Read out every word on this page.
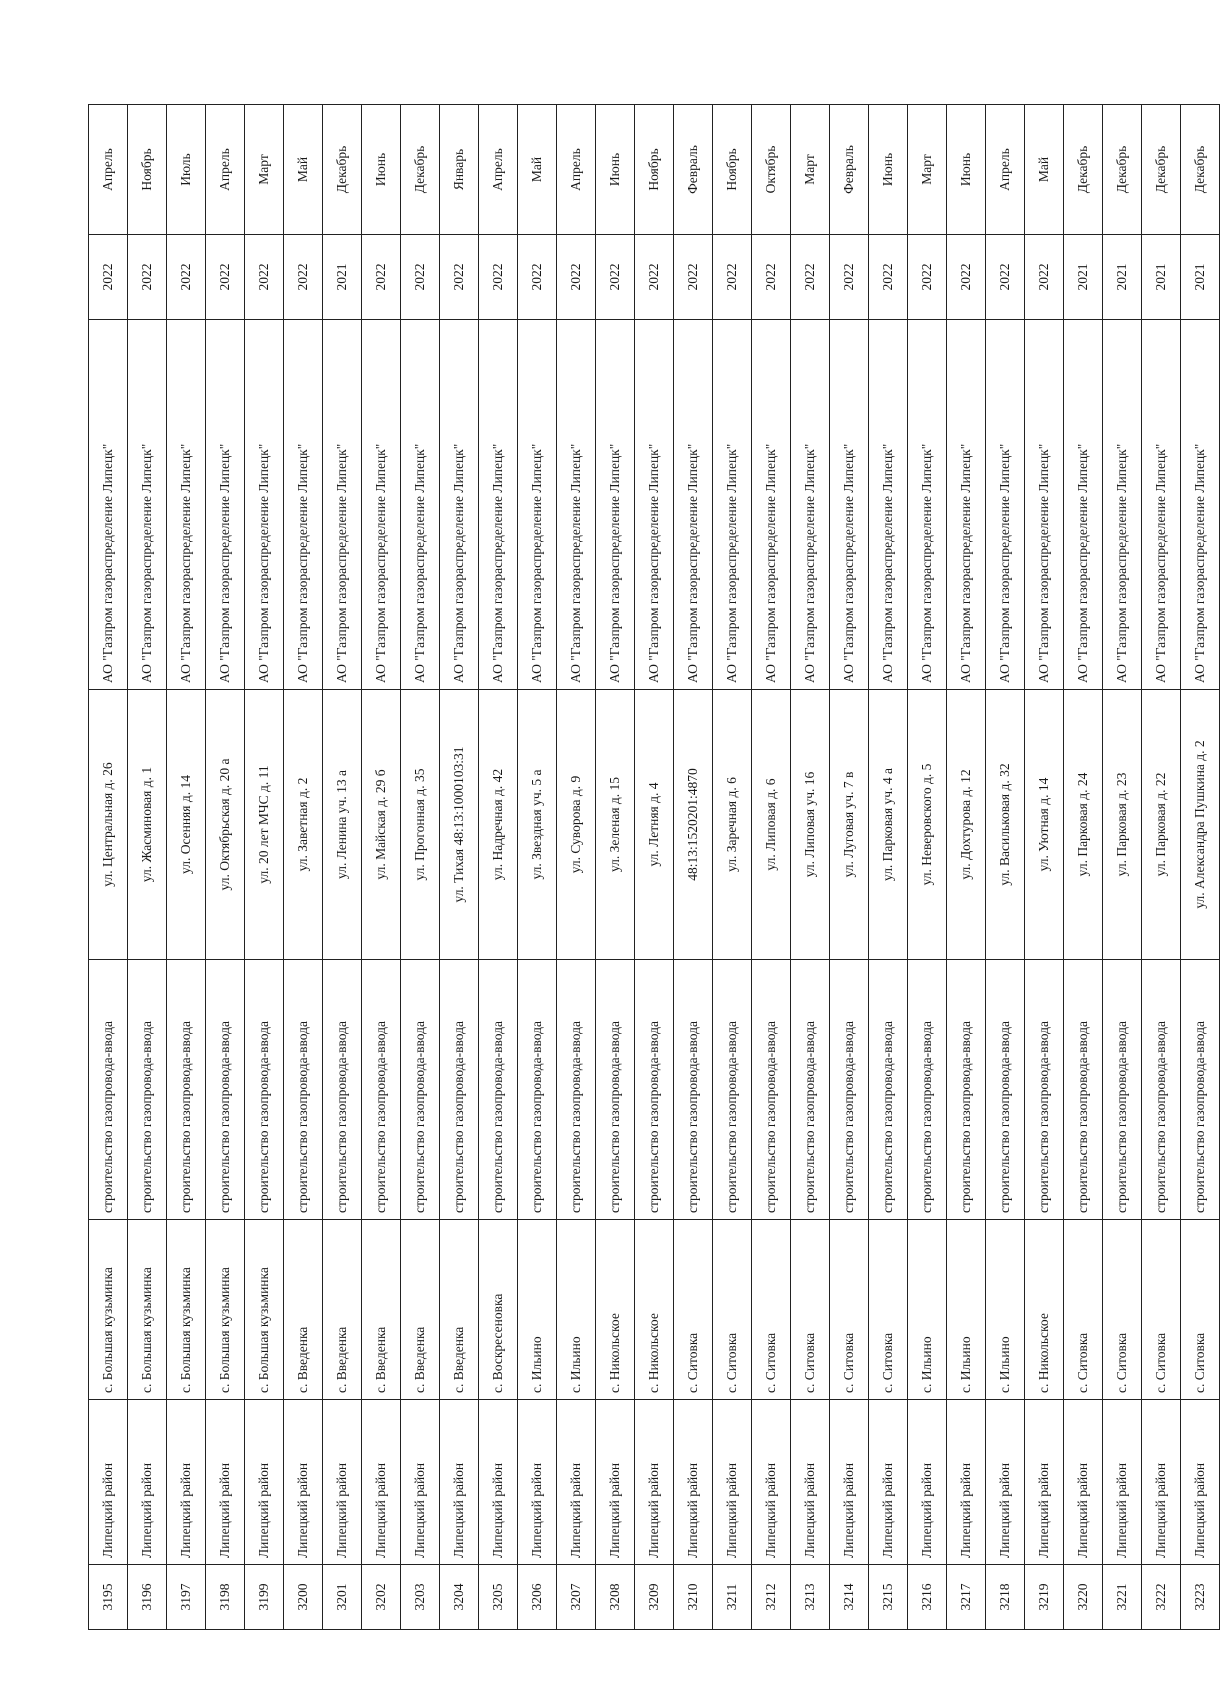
3195	Липецкий район	с. Большая кузьминка	строительство газопровода-ввода	ул. Центральная д. 26	АО "Газпром газораспределение Липецк"	2022	Апрель
3196	Липецкий район	с. Большая кузьминка	строительство газопровода-ввода	ул. Жасминовая д. 1	АО "Газпром газораспределение Липецк"	2022	Ноябрь
3197	Липецкий район	с. Большая кузьминка	строительство газопровода-ввода	ул. Осенняя д. 14	АО "Газпром газораспределение Липецк"	2022	Июль
3198	Липецкий район	с. Большая кузьминка	строительство газопровода-ввода	ул. Октябрьская д. 20 а	АО "Газпром газораспределение Липецк"	2022	Апрель
3199	Липецкий район	с. Большая кузьминка	строительство газопровода-ввода	ул. 20 лет МЧС д. 11	АО "Газпром газораспределение Липецк"	2022	Март
3200	Липецкий район	с. Введенка	строительство газопровода-ввода	ул. Заветная д. 2	АО "Газпром газораспределение Липецк"	2022	Май
3201	Липецкий район	с. Введенка	строительство газопровода-ввода	ул. Ленина уч. 13 а	АО "Газпром газораспределение Липецк"	2021	Декабрь
3202	Липецкий район	с. Введенка	строительство газопровода-ввода	ул. Майская д. 29 б	АО "Газпром газораспределение Липецк"	2022	Июнь
3203	Липецкий район	с. Введенка	строительство газопровода-ввода	ул. Прогонная д. 35	АО "Газпром газораспределение Липецк"	2022	Декабрь
3204	Липецкий район	с. Введенка	строительство газопровода-ввода	ул. Тихая 48:13:1000103:31	АО "Газпром газораспределение Липецк"	2022	Январь
3205	Липецкий район	с. Воскресеновка	строительство газопровода-ввода	ул. Надречная д. 42	АО "Газпром газораспределение Липецк"	2022	Апрель
3206	Липецкий район	с. Ильино	строительство газопровода-ввода	ул. Звездная уч. 5 а	АО "Газпром газораспределение Липецк"	2022	Май
3207	Липецкий район	с. Ильино	строительство газопровода-ввода	ул. Суворова д. 9	АО "Газпром газораспределение Липецк"	2022	Апрель
3208	Липецкий район	с. Никольское	строительство газопровода-ввода	ул. Зеленая д. 15	АО "Газпром газораспределение Липецк"	2022	Июнь
3209	Липецкий район	с. Никольское	строительство газопровода-ввода	ул. Летняя д. 4	АО "Газпром газораспределение Липецк"	2022	Ноябрь
3210	Липецкий район	с. Ситовка	строительство газопровода-ввода	48:13:1520201:4870	АО "Газпром газораспределение Липецк"	2022	Февраль
3211	Липецкий район	с. Ситовка	строительство газопровода-ввода	ул. Заречная д. 6	АО "Газпром газораспределение Липецк"	2022	Ноябрь
3212	Липецкий район	с. Ситовка	строительство газопровода-ввода	ул. Липовая д. 6	АО "Газпром газораспределение Липецк"	2022	Октябрь
3213	Липецкий район	с. Ситовка	строительство газопровода-ввода	ул. Липовая уч. 16	АО "Газпром газораспределение Липецк"	2022	Март
3214	Липецкий район	с. Ситовка	строительство газопровода-ввода	ул. Луговая уч. 7 в	АО "Газпром газораспределение Липецк"	2022	Февраль
3215	Липецкий район	с. Ситовка	строительство газопровода-ввода	ул. Парковая уч. 4 а	АО "Газпром газораспределение Липецк"	2022	Июнь
3216	Липецкий район	с. Ильино	строительство газопровода-ввода	ул. Неверовского д. 5	АО "Газпром газораспределение Липецк"	2022	Март
3217	Липецкий район	с. Ильино	строительство газопровода-ввода	ул. Дохтурова д. 12	АО "Газпром газораспределение Липецк"	2022	Июнь
3218	Липецкий район	с. Ильино	строительство газопровода-ввода	ул. Васильковая д. 32	АО "Газпром газораспределение Липецк"	2022	Апрель
3219	Липецкий район	с. Никольское	строительство газопровода-ввода	ул. Уютная д. 14	АО "Газпром газораспределение Липецк"	2022	Май
3220	Липецкий район	с. Ситовка	строительство газопровода-ввода	ул. Парковая д. 24	АО "Газпром газораспределение Липецк"	2021	Декабрь
3221	Липецкий район	с. Ситовка	строительство газопровода-ввода	ул. Парковая д. 23	АО "Газпром газораспределение Липецк"	2021	Декабрь
3222	Липецкий район	с. Ситовка	строительство газопровода-ввода	ул. Парковая д. 22	АО "Газпром газораспределение Липецк"	2021	Декабрь
3223	Липецкий район	с. Ситовка	строительство газопровода-ввода	ул. Александра Пушкина д. 2	АО "Газпром газораспределение Липецк"	2021	Декабрь
